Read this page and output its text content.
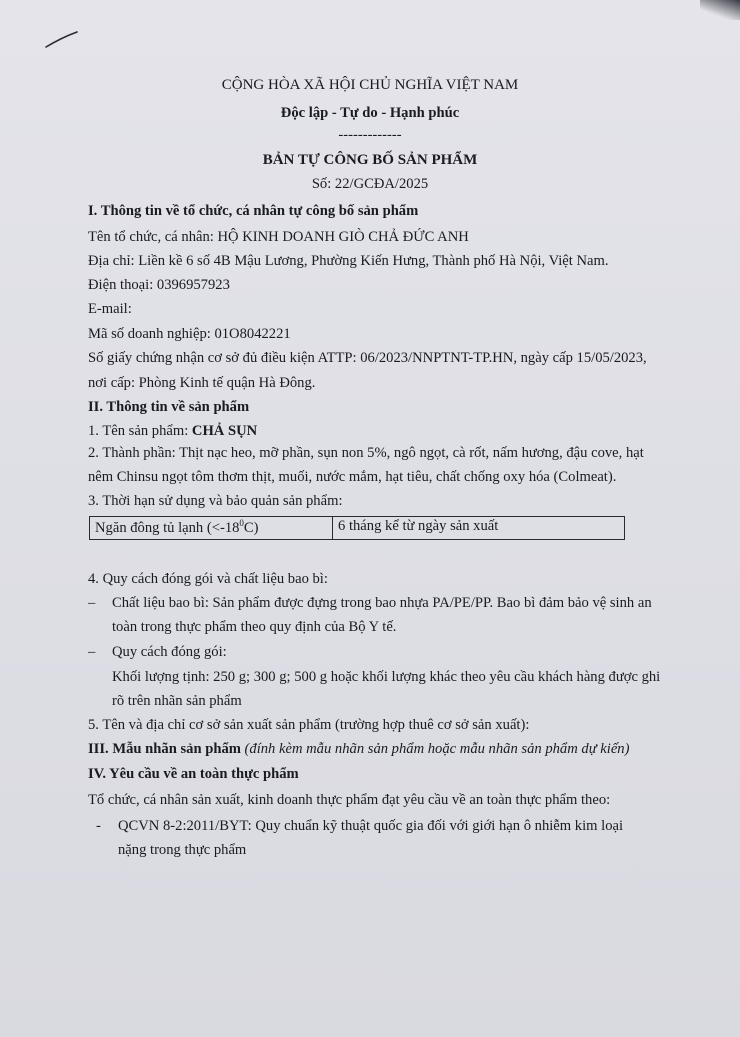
CỘNG HÒA XÃ HỘI CHỦ NGHĨA VIỆT NAM
Độc lập - Tự do - Hạnh phúc
-------------
BẢN TỰ CÔNG BỐ SẢN PHẨM
Số: 22/GCĐA/2025
I. Thông tin về tổ chức, cá nhân tự công bố sản phẩm
Tên tổ chức, cá nhân: HỘ KINH DOANH GIÒ CHẢ ĐỨC ANH
Địa chỉ: Liền kề 6 số 4B Mậu Lương, Phường Kiến Hưng, Thành phố Hà Nội, Việt Nam.
Điện thoại: 0396957923
E-mail:
Mã số doanh nghiệp: 01O8042221
Số giấy chứng nhận cơ sở đủ điều kiện ATTP: 06/2023/NNPTNT-TP.HN, ngày cấp 15/05/2023,
nơi cấp: Phòng Kinh tế quận Hà Đông.
II. Thông tin về sản phẩm
1. Tên sản phẩm: CHẢ SỤN
2. Thành phần: Thịt nạc heo, mỡ phần, sụn non 5%, ngô ngọt, cà rốt, nấm hương, đậu cove, hạt
nêm Chinsu ngọt tôm thơm thịt, muối, nước mắm, hạt tiêu, chất chống oxy hóa (Colmeat).
3. Thời hạn sử dụng và bảo quản sản phẩm:
Ngăn đông tủ lạnh $(<-18^0C)$	6 tháng kể từ ngày sản xuất
4. Quy cách đóng gói và chất liệu bao bì:
– Chất liệu bao bì: Sản phẩm được đựng trong bao nhựa PA/PE/PP. Bao bì đảm bảo vệ sinh an
toàn trong thực phẩm theo quy định của Bộ Y tế.
– Quy cách đóng gói:
Khối lượng tịnh: 250 g; 300 g; 500 g hoặc khối lượng khác theo yêu cầu khách hàng được ghi
rõ trên nhãn sản phẩm
5. Tên và địa chỉ cơ sở sản xuất sản phẩm (trường hợp thuê cơ sở sản xuất):
III. Mẫu nhãn sản phẩm (đính kèm mẫu nhãn sản phẩm hoặc mẫu nhãn sản phẩm dự kiến)
IV. Yêu cầu về an toàn thực phẩm
Tổ chức, cá nhân sản xuất, kinh doanh thực phẩm đạt yêu cầu về an toàn thực phẩm theo:
- QCVN 8-2:2011/BYT: Quy chuẩn kỹ thuật quốc gia đối với giới hạn ô nhiễm kim loại
nặng trong thực phẩm
